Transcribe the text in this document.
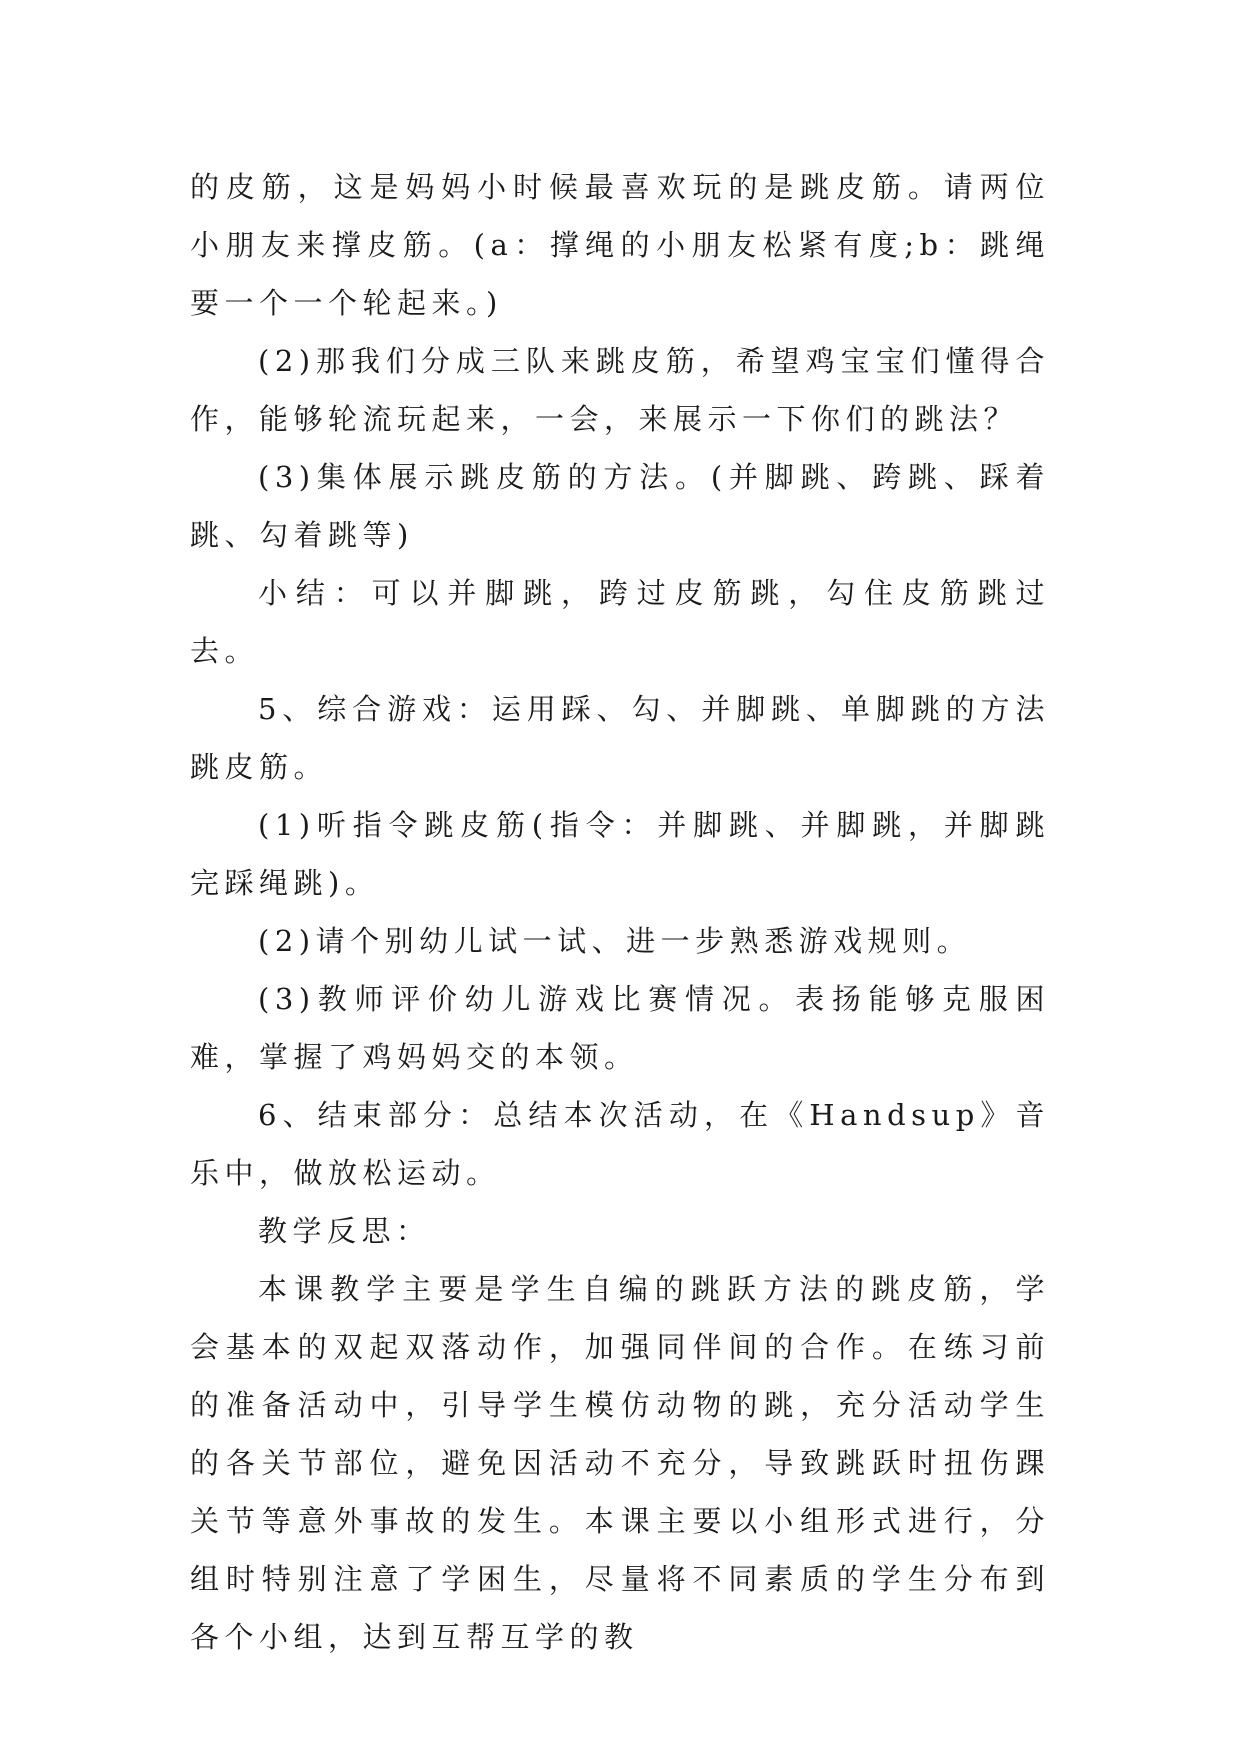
的皮筋，这是妈妈小时候最喜欢玩的是跳皮筋。请两位小朋友来撑皮筋。(a：撑绳的小朋友松紧有度;b：跳绳要一个一个轮起来。)

(2)那我们分成三队来跳皮筋，希望鸡宝宝们懂得合作，能够轮流玩起来，一会，来展示一下你们的跳法？

(3)集体展示跳皮筋的方法。(并脚跳、跨跳、踩着跳、勾着跳等)

小结：可以并脚跳，跨过皮筋跳，勾住皮筋跳过去。

5、综合游戏：运用踩、勾、并脚跳、单脚跳的方法跳皮筋。

(1)听指令跳皮筋(指令：并脚跳、并脚跳，并脚跳完踩绳跳)。

(2)请个别幼儿试一试、进一步熟悉游戏规则。

(3)教师评价幼儿游戏比赛情况。表扬能够克服困难，掌握了鸡妈妈交的本领。

6、结束部分：总结本次活动，在《Handsup》音乐中，做放松运动。

教学反思：

本课教学主要是学生自编的跳跃方法的跳皮筋，学会基本的双起双落动作，加强同伴间的合作。在练习前的准备活动中，引导学生模仿动物的跳，充分活动学生的各关节部位，避免因活动不充分，导致跳跃时扭伤踝关节等意外事故的发生。本课主要以小组形式进行，分组时特别注意了学困生，尽量将不同素质的学生分布到各个小组，达到互帮互学的教
